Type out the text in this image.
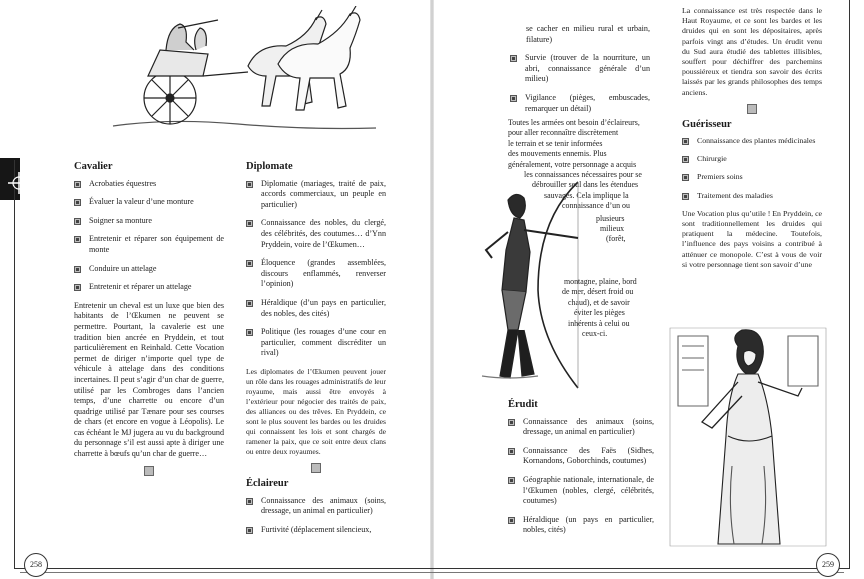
Cavalier
Acrobaties équestres
Évaluer la valeur d’une monture
Soigner sa monture
Entretenir et réparer son équipement de monte
Conduire un attelage
Entretenir et réparer un attelage
Entretenir un cheval est un luxe que bien des habitants de l’Œkumen ne peuvent se permettre. Pourtant, la cavalerie est une tradition bien ancrée en Pryddein, et tout particulièrement en Reinhald. Cette Vocation permet de diriger n’importe quel type de véhicule à attelage dans des conditions incertaines. Il peut s’agir d’un char de guerre, utilisé par les Combroges dans l’ancien temps, d’une charrette ou encore d’un quadrige utilisé par Tænare pour ses courses de chars (et encore en vogue à Léopolis). Le cas échéant le MJ jugera au vu du background du personnage s’il est aussi apte à diriger une charrette à bœufs qu’un char de guerre…
Diplomate
Diplomatie (mariages, traité de paix, accords commerciaux, un peuple en particulier)
Connaissance des nobles, du clergé, des célébrités, des coutumes… d’Ynn Pryddein, voire de l’Œkumen…
Éloquence (grandes assemblées, discours enflammés, renverser l’opinion)
Héraldique (d’un pays en particulier, des nobles, des cités)
Politique (les rouages d’une cour en particulier, comment discréditer un rival)
Les diplomates de l’Œkumen peuvent jouer un rôle dans les rouages administratifs de leur royaume, mais aussi être envoyés à l’extérieur pour négocier des traités de paix, des alliances ou des trêves. En Pryddein, ce sont le plus souvent les bardes ou les druides qui connaissent les lois et sont chargés de ramener la paix, que ce soit entre deux clans ou entre deux royaumes.
Éclaireur
Connaissance des animaux (soins, dressage, un animal en particulier)
Furtivité (déplacement silencieux,
258
se cacher en milieu rural et urbain, filature)
Survie (trouver de la nourriture, un abri, connaissance générale d’un milieu)
Vigilance (pièges, embuscades, remarquer un détail)
Toutes les armées ont besoin d’éclaireurs,
pour aller reconnaître discrètement
le terrain et se tenir informées
des mouvements ennemis. Plus
généralement, votre personnage a acquis
les connaissances nécessaires pour se
débrouiller seul dans les étendues
sauvages. Cela implique la
connaissance d’un ou
plusieurs
milieux
(forêt,
montagne, plaine, bord
de mer, désert froid ou
chaud), et de savoir
éviter les pièges
inhérents à celui ou
ceux-ci.
Érudit
Connaissance des animaux (soins, dressage, un animal en particulier)
Connaissance des Faës (Sidhes, Kornandons, Goborchinds, coutumes)
Géographie nationale, internationale, de l’Œkumen (nobles, clergé, célébrités, coutumes)
Héraldique (un pays en particulier, nobles, cités)
La connaissance est très respectée dans le Haut Royaume, et ce sont les bardes et les druides qui en sont les dépositaires, après parfois vingt ans d’études. Un érudit venu du Sud aura étudié des tablettes illisibles, souffert pour déchiffrer des parchemins poussiéreux et tiendra son savoir des écrits laissés par les grands philosophes des temps anciens.
Guérisseur
Connaissance des plantes médicinales
Chirurgie
Premiers soins
Traitement des maladies
Une Vocation plus qu’utile ! En Pryddein, ce sont traditionnellement les druides qui pratiquent la médecine. Toutefois, l’influence des pays voisins a contribué à atténuer ce monopole. C’est à vous de voir si votre personnage tient son savoir d’une
259
